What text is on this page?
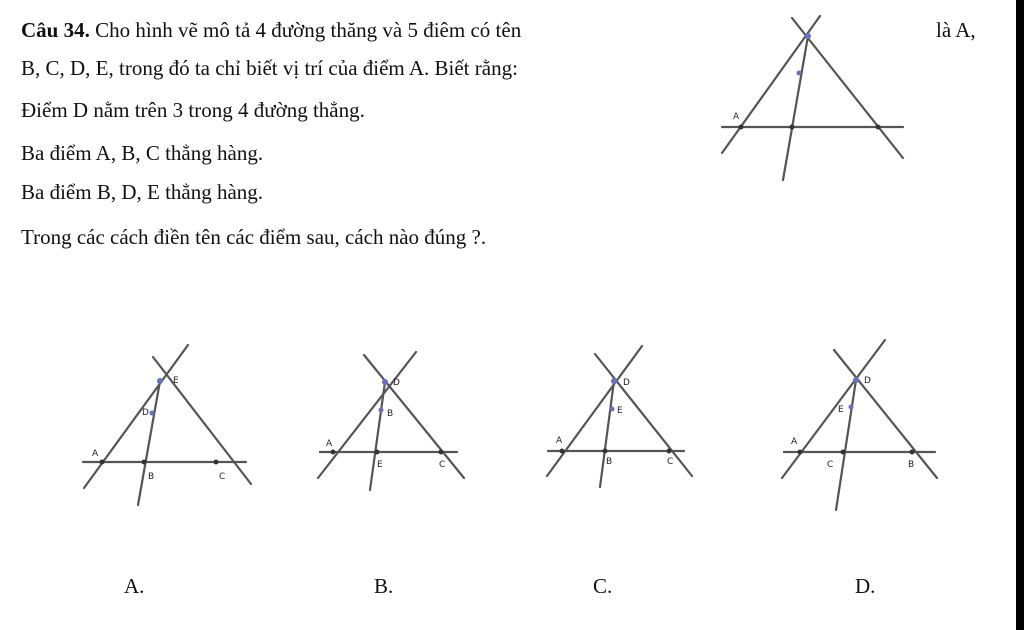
Câu 34. Cho hình vẽ mô tả 4 đường thăng và 5 điêm có tên	là A,
B, C, D, E, trong đó ta chỉ biết vị trí của điểm A. Biết rằng:
Điểm D nằm trên 3 trong 4 đường thẳng.
Ba điểm A, B, C thẳng hàng.
Ba điểm B, D, E thẳng hàng.
Trong các cách điền tên các điểm sau, cách nào đúng ?.
A
E
D
A
B	C
D
B
A
E	C
D
E
A
B	C
D
E
A
C	B
A.	B.	C.	D.
